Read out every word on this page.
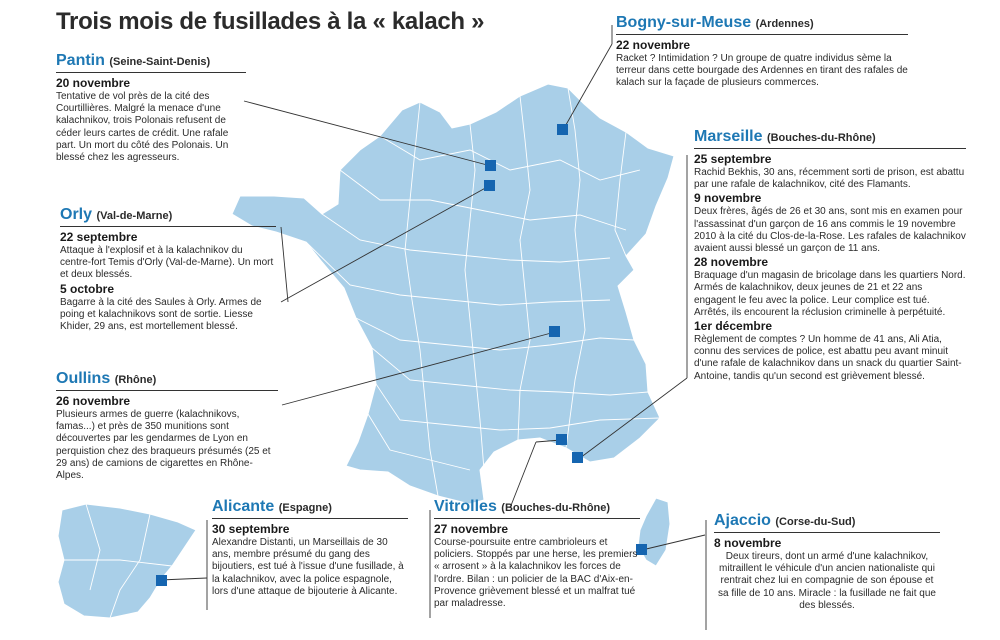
Trois mois de fusillades à la « kalach »
Pantin (Seine-Saint-Denis)
20 novembre
Tentative de vol près de la cité des Courtillières. Malgré la menace d'une kalachnikov, trois Polonais refusent de céder leurs cartes de crédit. Une rafale part. Un mort du côté des Polonais. Un blessé chez les agresseurs.
Orly (Val-de-Marne)
22 septembre
Attaque à l'explosif et à la kalachnikov du centre-fort Temis d'Orly (Val-de-Marne). Un mort et deux blessés.
5 octobre
Bagarre à la cité des Saules à Orly. Armes de poing et kalachnikovs sont de sortie. Liesse Khider, 29 ans, est mortellement blessé.
Oullins (Rhône)
26 novembre
Plusieurs armes de guerre (kalachnikovs, famas...) et près de 350 munitions sont découvertes par les gendarmes de Lyon en perquistion chez des braqueurs présumés (25 et 29 ans) de camions de cigarettes en Rhône-Alpes.
Bogny-sur-Meuse (Ardennes)
22 novembre
Racket ? Intimidation ? Un groupe de quatre individus sème la terreur dans cette bourgade des Ardennes en tirant des rafales de kalach sur la façade de plusieurs commerces.
Marseille (Bouches-du-Rhône)
25 septembre
Rachid Bekhis, 30 ans, récemment sorti de prison, est abattu par une rafale de kalachnikov, cité des Flamants.
9 novembre
Deux frères, âgés de 26 et 30 ans, sont mis en examen pour l'assassinat d'un garçon de 16 ans commis le 19 novembre 2010 à la cité du Clos-de-la-Rose. Les rafales de kalachnikov avaient aussi blessé un garçon de 11 ans.
28 novembre
Braquage d'un magasin de bricolage dans les quartiers Nord. Armés de kalachnikov, deux jeunes de 21 et 22 ans engagent le feu avec la police. Leur complice est tué. Arrêtés, ils encourent la réclusion criminelle à perpétuité.
1er décembre
Règlement de comptes ? Un homme de 41 ans, Ali Atia, connu des services de police, est abattu peu avant minuit d'une rafale de kalachnikov dans un snack du quartier Saint-Antoine, tandis qu'un second est grièvement blessé.
Alicante (Espagne)
30 septembre
Alexandre Distanti, un Marseillais de 30 ans, membre présumé du gang des bijoutiers, est tué à l'issue d'une fusillade, à la kalachnikov, avec la police espagnole, lors d'une attaque de bijouterie à Alicante.
Vitrolles (Bouches-du-Rhône)
27 novembre
Course-poursuite entre cambrioleurs et policiers. Stoppés par une herse, les premiers « arrosent » à la kalachnikov les forces de l'ordre. Bilan : un policier de la BAC d'Aix-en-Provence grièvement blessé et un malfrat tué par maladresse.
Ajaccio (Corse-du-Sud)
8 novembre
Deux tireurs, dont un armé d'une kalachnikov, mitraillent le véhicule d'un ancien nationaliste qui rentrait chez lui en compagnie de son épouse et sa fille de 10 ans. Miracle : la fusillade ne fait que des blessés.
